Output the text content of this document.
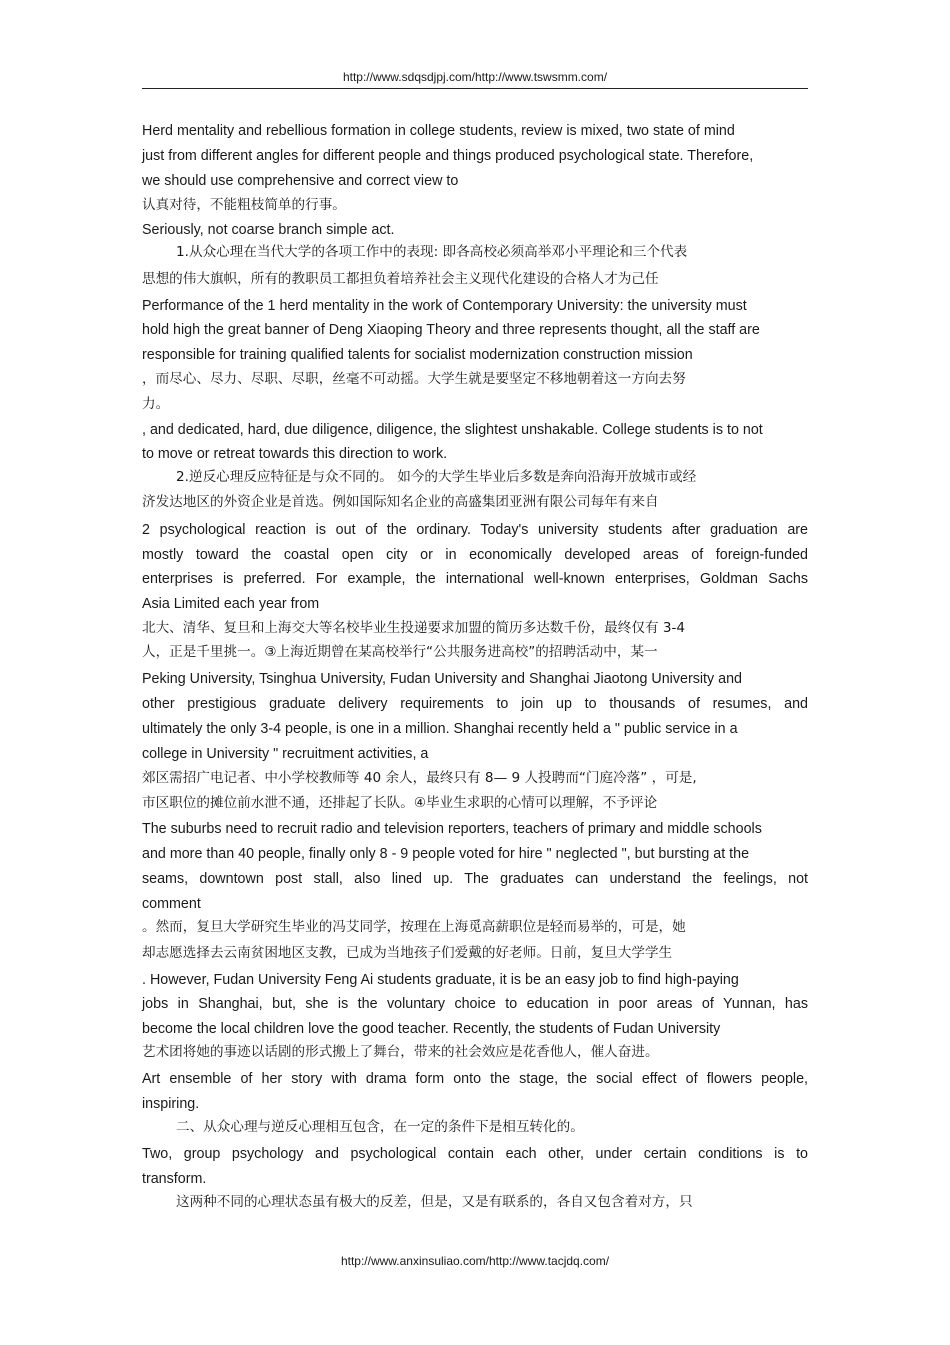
http://www.sdqsdjpj.com/http://www.tswsmm.com/
Herd mentality and rebellious formation in college students, review is mixed, two state of mind
just from different angles for different people and things produced psychological state. Therefore,
we should use comprehensive and correct view to
认真对待，不能粗枝简单的行事。
Seriously, not coarse branch simple act.
1.从众心理在当代大学的各项工作中的表现: 即各高校必须高举邓小平理论和三个代表
思想的伟大旗帜，所有的教职员工都担负着培养社会主义现代化建设的合格人才为己任
Performance of the 1 herd mentality in the work of Contemporary University: the university must
hold high the great banner of Deng Xiaoping Theory and three represents thought, all the staff are
responsible for training qualified talents for socialist modernization construction mission
，而尽心、尽力、尽职、尽职，丝毫不可动摇。大学生就是要坚定不移地朝着这一方向去努
力。
, and dedicated, hard, due diligence, diligence, the slightest unshakable. College students is to not
to move or retreat towards this direction to work.
2.逆反心理反应特征是与众不同的。 如今的大学生毕业后多数是奔向沿海开放城市或经
济发达地区的外资企业是首选。例如国际知名企业的高盛集团亚洲有限公司每年有来自
2 psychological reaction is out of the ordinary. Today's university students after graduation are
mostly toward the coastal open city or in economically developed areas of foreign-funded
enterprises is preferred. For example, the international well-known enterprises, Goldman Sachs
Asia Limited each year from
北大、清华、复旦和上海交大等名校毕业生投递要求加盟的简历多达数千份，最终仅有 3-4
人，正是千里挑一。③上海近期曾在某高校举行“公共服务进高校”的招聘活动中，某一
Peking University, Tsinghua University, Fudan University and Shanghai Jiaotong University and
other prestigious graduate delivery requirements to join up to thousands of resumes, and
ultimately the only 3-4 people, is one in a million. Shanghai recently held a " public service in a
college in University " recruitment activities, a
郊区需招广电记者、中小学校教师等 40 余人，最终只有 8— 9 人投聘而“门庭冷落” ，可是,
市区职位的摊位前水泄不通，还排起了长队。④毕业生求职的心情可以理解，不予评论
The suburbs need to recruit radio and television reporters, teachers of primary and middle schools
and more than 40 people, finally only 8 - 9 people voted for hire " neglected ", but bursting at the
seams, downtown post stall, also lined up. The graduates can understand the feelings, not
comment
。然而，复旦大学研究生毕业的冯艾同学，按理在上海觅高薪职位是轻而易举的，可是，她
却志愿选择去云南贫困地区支教，已成为当地孩子们爱戴的好老师。日前，复旦大学学生
. However, Fudan University Feng Ai students graduate, it is be an easy job to find high-paying
jobs in Shanghai, but, she is the voluntary choice to education in poor areas of Yunnan, has
become the local children love the good teacher. Recently, the students of Fudan University
艺术团将她的事迹以话剧的形式搬上了舞台，带来的社会效应是花香他人，催人奋进。
Art ensemble of her story with drama form onto the stage, the social effect of flowers people,
inspiring.
二、从众心理与逆反心理相互包含，在一定的条件下是相互转化的。
Two, group psychology and psychological contain each other, under certain conditions is to
transform.
这两种不同的心理状态虽有极大的反差，但是，又是有联系的，各自又包含着对方，只
http://www.anxinsuliao.com/http://www.tacjdq.com/
